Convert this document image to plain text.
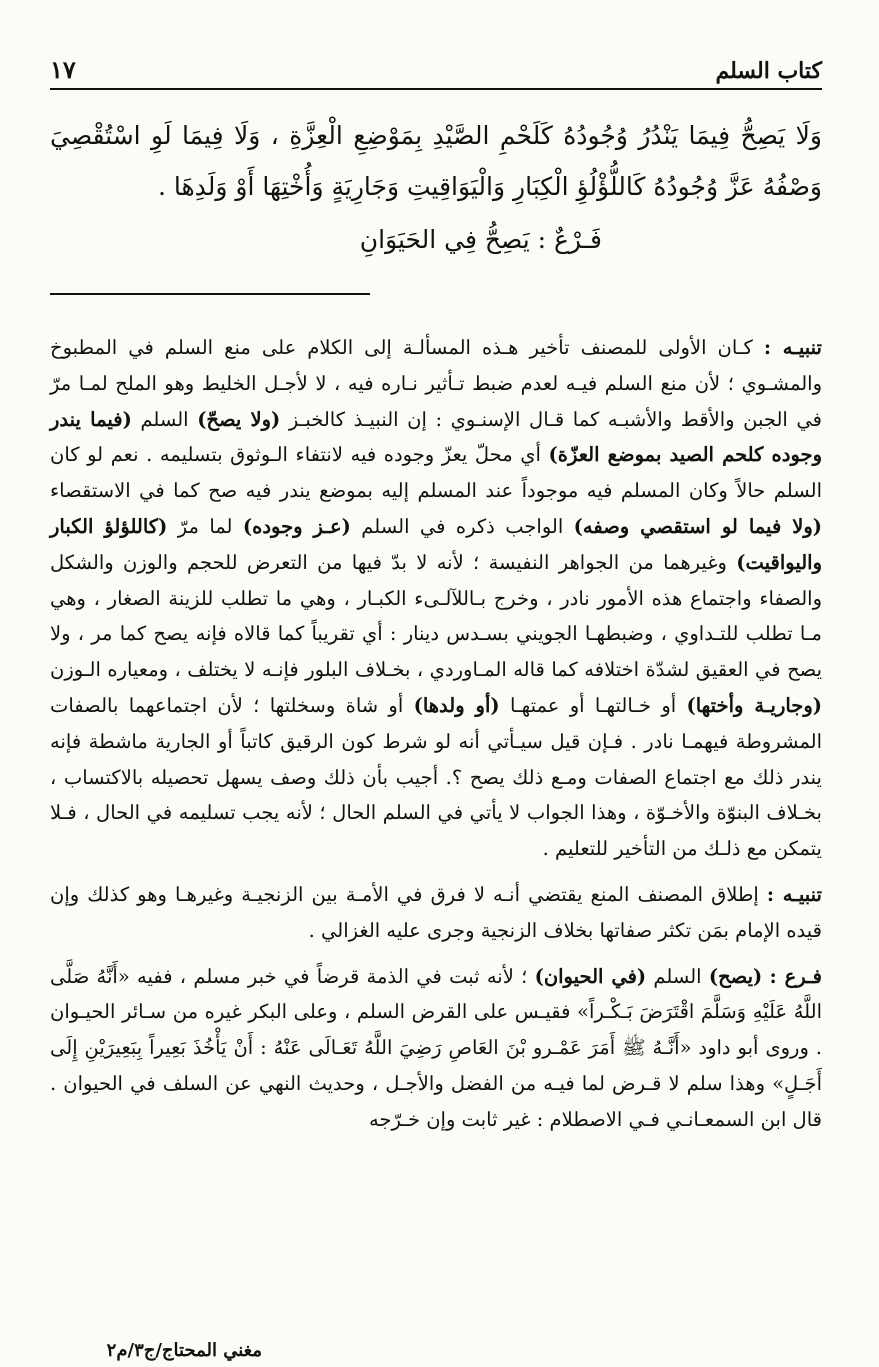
كتاب السلم
١٧

وَلَا يَصِحُّ فِيمَا يَنْدُرُ وُجُودُهُ كَلَحْمِ الصَّيْدِ بِمَوْضِعِ الْعِزَّةِ ، وَلَا فِيمَا لَوِ اسْتُقْصِيَ وَصْفُهُ عَزَّ وُجُودُهُ كَاللُّؤْلُؤِ الْكِبَارِ وَالْيَوَاقِيتِ وَجَارِيَةٍ وَأُخْتِهَا أَوْ وَلَدِهَا .

فَـرْعٌ : يَصِحُّ فِي الحَيَوَانِ

تنبيـه : كـان الأولى للمصنف تأخير هـذه المسألـة إلى الكلام على منع السلم في المطبوخ والمشـوي ؛ لأن منع السلم فيـه لعدم ضبط تـأثير نـاره فيه ، لا لأجـل الخليط وهو الملح لمـا مرّ في الجبن والأقط والأشبـه كما قـال الإسنـوي : إن النبيـذ كالخبـز (ولا يصحّ) السلم (فيما يندر وجوده كلحم الصيد بموضع العزّة) أي محلّ يعزّ وجوده فيه لانتفاء الـوثوق بتسليمه . نعم لو كان السلم حالاً وكان المسلم فيه موجوداً عند المسلم إليه بموضع يندر فيه صح كما في الاستقصاء (ولا فيما لو استقصي وصفه) الواجب ذكره في السلم (عـز وجوده) لما مرّ (كاللؤلؤ الكبار واليواقيت) وغيرهما من الجواهر النفيسة ؛ لأنه لا بدّ فيها من التعرض للحجم والوزن والشكل والصفاء واجتماع هذه الأمور نادر ، وخرج بـاللآلـىء الكبـار ، وهي ما تطلب للزينة الصغار ، وهي مـا تطلب للتـداوي ، وضبطهـا الجويني بسـدس دينار : أي تقريباً كما قالاه فإنه يصح كما مر ، ولا يصح في العقيق لشدّة اختلافه كما قاله المـاوردي ، بخـلاف البلور فإنـه لا يختلف ، ومعياره الـوزن (وجاريـة وأختها) أو خـالتهـا أو عمتهـا (أو ولدها) أو شاة وسخلتها ؛ لأن اجتماعهما بالصفات المشروطة فيهمـا نادر . فـإن قيل سيـأتي أنه لو شرط كون الرقيق كاتباً أو الجارية ماشطة فإنه يندر ذلك مع اجتماع الصفات ومـع ذلك يصح ؟. أجيب بأن ذلك وصف يسهل تحصيله بالاكتساب ، بخـلاف البنوّة والأخـوّة ، وهذا الجواب لا يأتي في السلم الحال ؛ لأنه يجب تسليمه في الحال ، فـلا يتمكن مع ذلـك من التأخير للتعليم .

تنبيـه : إطلاق المصنف المنع يقتضي أنـه لا فرق في الأمـة بين الزنجيـة وغيرهـا وهو كذلك وإن قيده الإمام بمَن تكثر صفاتها بخلاف الزنجية وجرى عليه الغزالي .

فـرع : (يصح) السلم (في الحيوان) ؛ لأنه ثبت في الذمة قرضاً في خبر مسلم ، ففيه «أَنَّهُ صَلَّى اللَّهُ عَلَيْهِ وَسَلَّمَ اقْتَرَضَ بَـكْـراً» فقيـس على القرض السلم ، وعلى البكر غيره من سـائر الحيـوان . وروى أبو داود «أَنَّـهُ ﷺ أَمَرَ عَمْـرو بْنَ العَاصِ رَضِيَ اللَّهُ تَعَـالَى عَنْهُ : أَنْ يَأْخُذَ بَعِيراً بِبَعِيرَيْنِ إِلَى أَجَـلٍ» وهذا سلم لا قـرض لما فيـه من الفضل والأجـل ، وحديث النهي عن السلف في الحيوان . قال ابن السمعـانـي فـي الاصطلام : غير ثابت وإن خـرّجه

مغني المحتاج/ج٣/م٢
